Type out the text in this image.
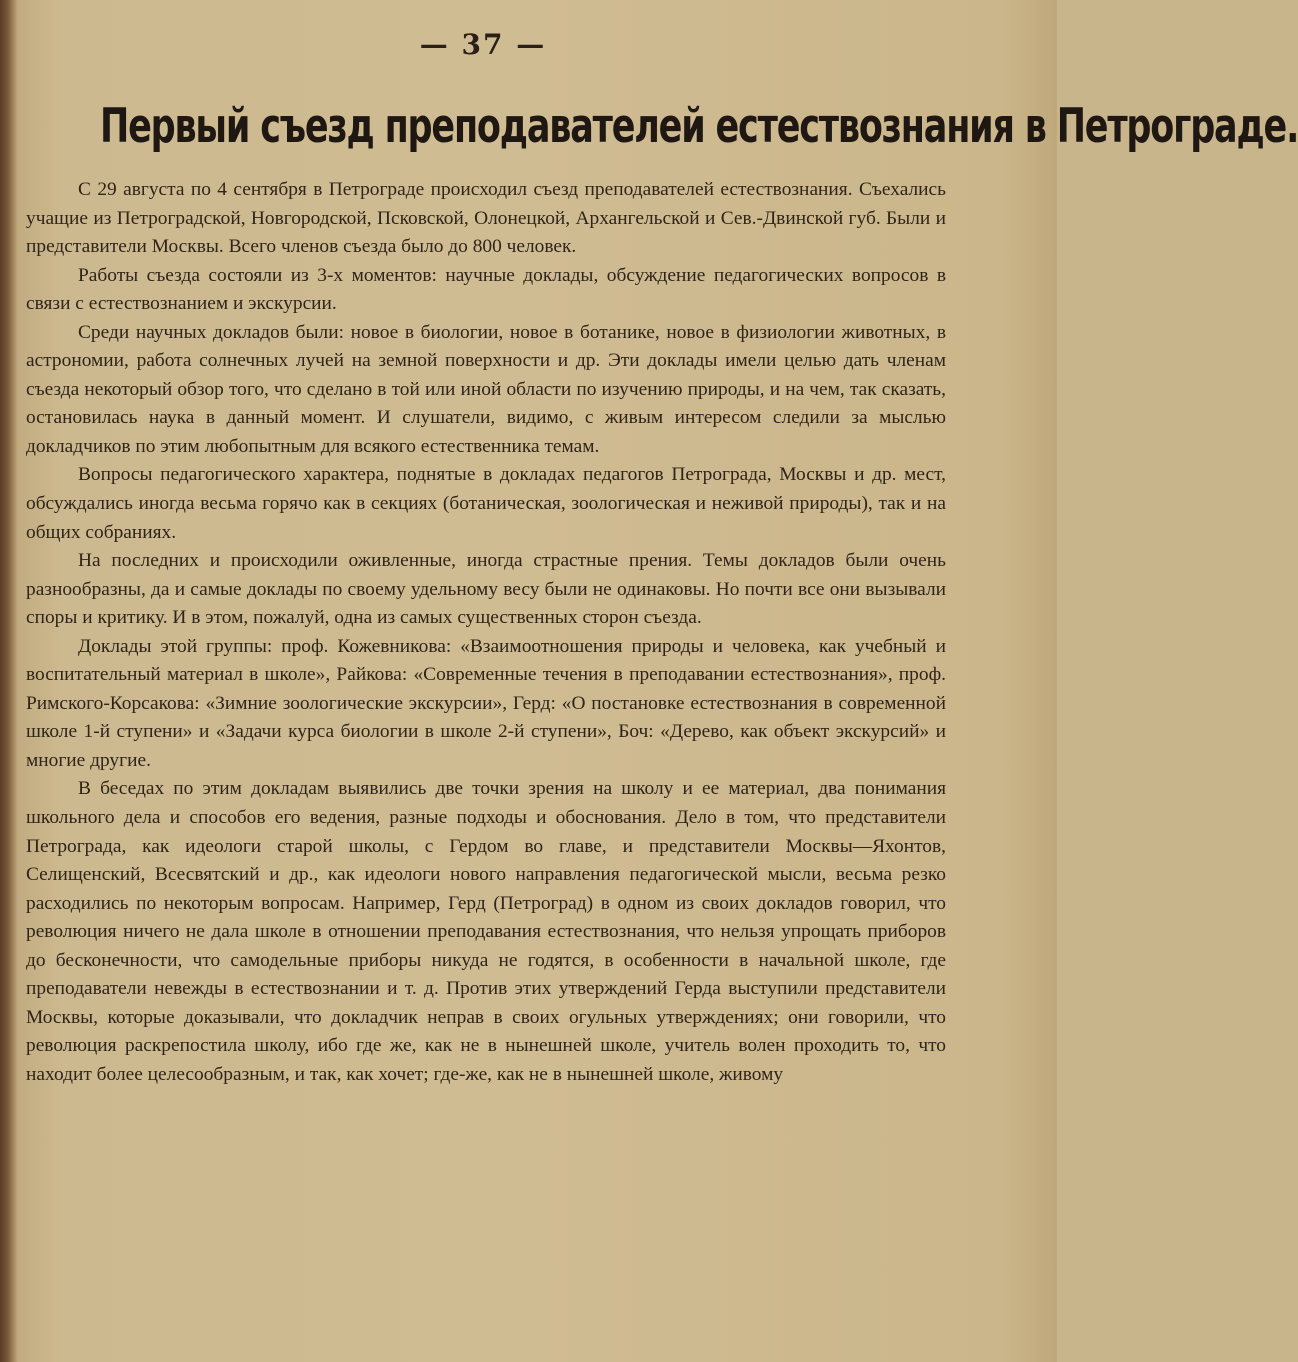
— 37 —
Первый съезд преподавателей естествознания в Петрограде.

С 29 августа по 4 сентября в Петрограде происходил съезд преподавателей естествознания. Съехались учащие из Петроградской, Новгородской, Псковской, Олонецкой, Архангельской и Сев.-Двинской губ. Были и представители Москвы. Всего членов съезда было до 800 человек.

Работы съезда состояли из 3-х моментов: научные доклады, обсуждение педагогических вопросов в связи с естествознанием и экскурсии.

Среди научных докладов были: новое в биологии, новое в ботанике, новое в физиологии животных, в астрономии, работа солнечных лучей на земной поверхности и др. Эти доклады имели целью дать членам съезда некоторый обзор того, что сделано в той или иной области по изучению природы, и на чем, так сказать, остановилась наука в данный момент. И слушатели, видимо, с живым интересом следили за мыслью докладчиков по этим любопытным для всякого естественника темам.

Вопросы педагогического характера, поднятые в докладах педагогов Петрограда, Москвы и др. мест, обсуждались иногда весьма горячо как в секциях (ботаническая, зоологическая и неживой природы), так и на общих собраниях.

На последних и происходили оживленные, иногда страстные прения. Темы докладов были очень разнообразны, да и самые доклады по своему удельному весу были не одинаковы. Но почти все они вызывали споры и критику. И в этом, пожалуй, одна из самых существенных сторон съезда.

Доклады этой группы: проф. Кожевникова: «Взаимоотношения природы и человека, как учебный и воспитательный материал в школе», Райкова: «Современные течения в преподавании естествознания», проф. Римского-Корсакова: «Зимние зоологические экскурсии», Герд: «О постановке естествознания в современной школе 1-й ступени» и «Задачи курса биологии в школе 2-й ступени», Боч: «Дерево, как объект экскурсий» и многие другие.

В беседах по этим докладам выявились две точки зрения на школу и ее материал, два понимания школьного дела и способов его ведения, разные подходы и обоснования. Дело в том, что представители Петрограда, как идеологи старой школы, с Гердом во главе, и представители Москвы—Яхонтов, Селищенский, Всесвятский и др., как идеологи нового направления педагогической мысли, весьма резко расходились по некоторым вопросам. Например, Герд (Петроград) в одном из своих докладов говорил, что революция ничего не дала школе в отношении преподавания естествознания, что нельзя упрощать приборов до бесконечности, что самодельные приборы никуда не годятся, в особенности в начальной школе, где преподаватели невежды в естествознании и т. д. Против этих утверждений Герда выступили представители Москвы, которые доказывали, что докладчик неправ в своих огульных утверждениях; они говорили, что революция раскрепостила школу, ибо где же, как не в нынешней школе, учитель волен проходить то, что находит более целесообразным, и так, как хочет; где-же, как не в нынешней школе, живому
